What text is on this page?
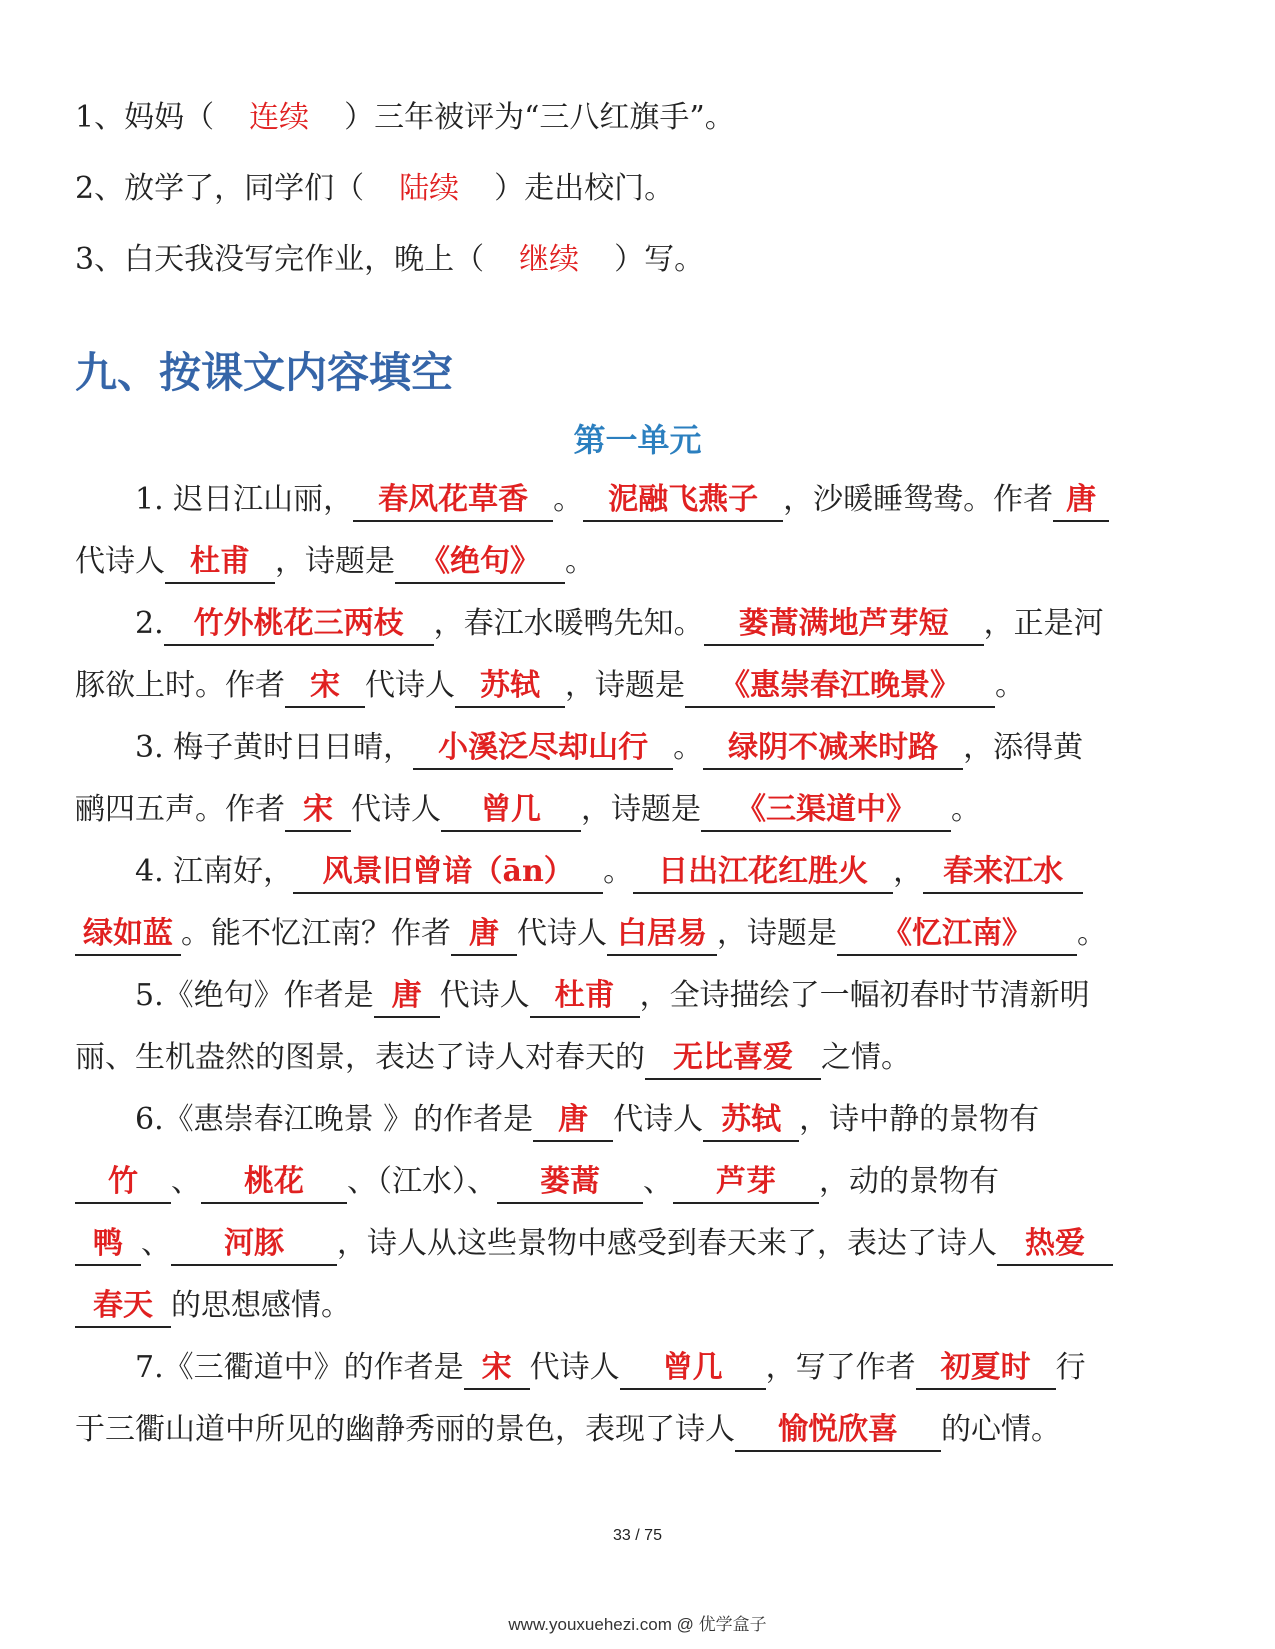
1、妈妈（ 连续 ）三年被评为“三八红旗手”。
2、放学了，同学们（ 陆续 ）走出校门。
3、白天我没写完作业，晚上（ 继续 ）写。
九、按课文内容填空
第一单元
1. 迟日江山丽， 春风花草香 。 泥融飞燕子 ，沙暖睡鸳鸯。作者 唐
代诗人 杜甫 ，诗题是 《绝句》 。
2. 竹外桃花三两枝 ，春江水暖鸭先知。 蒌蒿满地芦芽短 ，正是河
豚欲上时。作者 宋 代诗人 苏轼 ，诗题是 《惠崇春江晚景》 。
3. 梅子黄时日日晴， 小溪泛尽却山行 。 绿阴不减来时路 ，添得黄
鹂四五声。作者 宋 代诗人 曾几 ，诗题是 《三渠道中》 。
4. 江南好， 风景旧曾谙（ān） 。 日出江花红胜火 ， 春来江水
绿如蓝 。能不忆江南？作者 唐 代诗人 白居易 ，诗题是 《忆江南》 。
5.《绝句》作者是 唐 代诗人 杜甫 ，全诗描绘了一幅初春时节清新明
丽、生机盎然的图景，表达了诗人对春天的 无比喜爱 之情。
6.《惠崇春江晚景 》的作者是 唐 代诗人 苏轼 ，诗中静的景物有
竹 、 桃花 、（江水）、 蒌蒿 、 芦芽 ，动的景物有
鸭 、 河豚 ，诗人从这些景物中感受到春天来了，表达了诗人 热爱
春天 的思想感情。
7.《三衢道中》的作者是 宋 代诗人 曾几 ，写了作者 初夏时 行
于三衢山道中所见的幽静秀丽的景色，表现了诗人 愉悦欣喜 的心情。
33 / 75
www.youxuehezi.com @ 优学盒子
